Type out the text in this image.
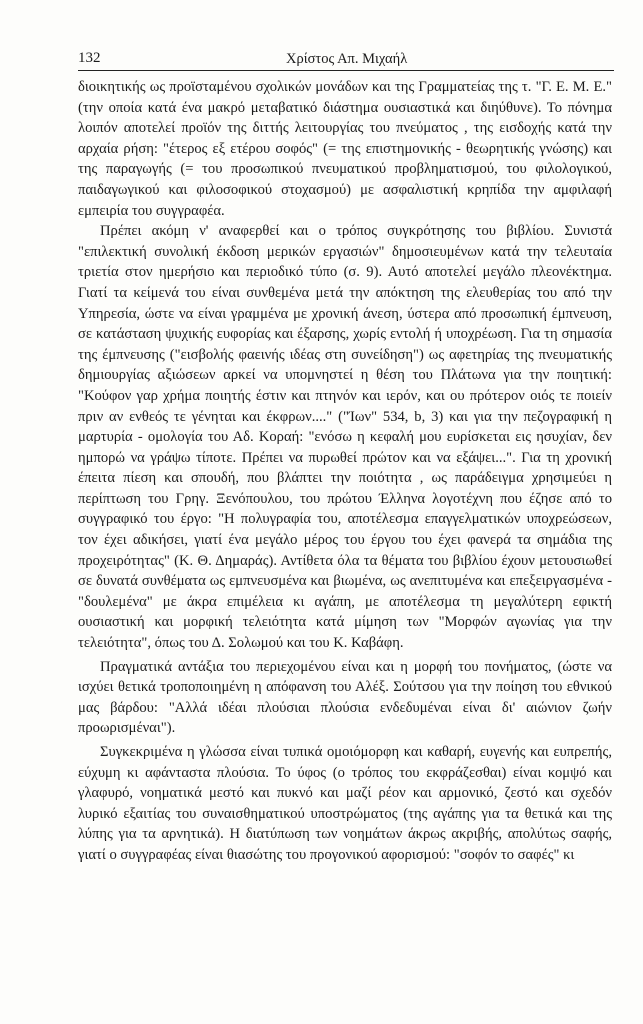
132	Χρίστος Απ. Μιχαήλ

διοικητικής ως προϊσταμένου σχολικών μονάδων και της Γραμματείας της τ. "Γ. Ε. Μ. Ε." (την οποία κατά ένα μακρό μεταβατικό διάστημα ουσιαστικά και διηύθυνε). Το πόνημα λοιπόν αποτελεί προϊόν της διττής λειτουργίας του πνεύματος , της εισδοχής κατά την αρχαία ρήση: "έτερος εξ ετέρου σοφός" (= της επιστημονικής - θεωρητικής γνώσης) και της παραγωγής (= του προσωπικού πνευματικού προβληματισμού, του φιλολογικού, παιδαγωγικού και φιλοσοφικού στοχασμού) με ασφαλιστική κρηπίδα την αμφιλαφή εμπειρία του συγγραφέα.

Πρέπει ακόμη ν' αναφερθεί και ο τρόπος συγκρότησης του βιβλίου. Συνιστά "επιλεκτική συνολική έκδοση μερικών εργασιών" δημοσιευμένων κατά την τελευταία τριετία στον ημερήσιο και περιοδικό τύπο (σ. 9). Αυτό αποτελεί μεγάλο πλεονέκτημα. Γιατί τα κείμενά του είναι συνθεμένα μετά την απόκτηση της ελευθερίας του από την Υπηρεσία, ώστε να είναι γραμμένα με χρονική άνεση, ύστερα από προσωπική έμπνευση, σε κατάσταση ψυχικής ευφορίας και έξαρσης, χωρίς εντολή ή υποχρέωση. Για τη σημασία της έμπνευσης ("εισβολής φαεινής ιδέας στη συνείδηση") ως αφετηρίας της πνευματικής δημιουργίας αξιώσεων αρκεί να υπομνηστεί η θέση του Πλάτωνα για την ποιητική: "Κούφον γαρ χρήμα ποιητής έστιν και πτηνόν και ιερόν, και ου πρότερον οιός τε ποιείν πριν αν ενθεός τε γένηται και έκφρων...." ("Ίων" 534, b, 3) και για την πεζογραφική η μαρτυρία - ομολογία του Αδ. Κοραή: "ενόσω η κεφαλή μου ευρίσκεται εις ησυχίαν, δεν ημπορώ να γράψω τίποτε. Πρέπει να πυρωθεί πρώτον και να εξάψει...". Για τη χρονική έπειτα πίεση και σπουδή, που βλάπτει την ποιότητα , ως παράδειγμα χρησιμεύει η περίπτωση του Γρηγ. Ξενόπουλου, του πρώτου Έλληνα λογοτέχνη που έζησε από το συγγραφικό του έργο: "Η πολυγραφία του, αποτέλεσμα επαγγελματικών υποχρεώσεων, τον έχει αδικήσει, γιατί ένα μεγάλο μέρος του έργου του έχει φανερά τα σημάδια της προχειρότητας" (Κ. Θ. Δημαράς). Αντίθετα όλα τα θέματα του βιβλίου έχουν μετουσιωθεί σε δυνατά συνθέματα ως εμπνευσμένα και βιωμένα, ως ανεπιτυμένα και επεξειργασμένα - "δουλεμένα" με άκρα επιμέλεια κι αγάπη, με αποτέλεσμα τη μεγαλύτερη εφικτή ουσιαστική και μορφική τελειότητα κατά μίμηση των "Μορφών αγωνίας για την τελειότητα", όπως του Δ. Σολωμού και του Κ. Καβάφη.

Πραγματικά αντάξια του περιεχομένου είναι και η μορφή του πονήματος, (ώστε να ισχύει θετικά τροποποιημένη η απόφανση του Αλέξ. Σούτσου για την ποίηση του εθνικού μας βάρδου: "Αλλά ιδέαι πλούσιαι πλούσια ενδεδυμέναι είναι δι' αιώνιον ζωήν προωρισμέναι").

Συγκεκριμένα η γλώσσα είναι τυπικά ομοιόμορφη και καθαρή, ευγενής και ευπρεπής, εύχυμη κι αφάνταστα πλούσια. Το ύφος (ο τρόπος του εκφράζεσθαι) είναι κομψό και γλαφυρό, νοηματικά μεστό και πυκνό και μαζί ρέον και αρμονικό, ζεστό και σχεδόν λυρικό εξαιτίας του συναισθηματικού υποστρώματος (της αγάπης για τα θετικά και της λύπης για τα αρνητικά). Η διατύπωση των νοημάτων άκρως ακριβής, απολύτως σαφής, γιατί ο συγγραφέας είναι θιασώτης του προγονικού αφορισμού: "σοφόν το σαφές" κι
